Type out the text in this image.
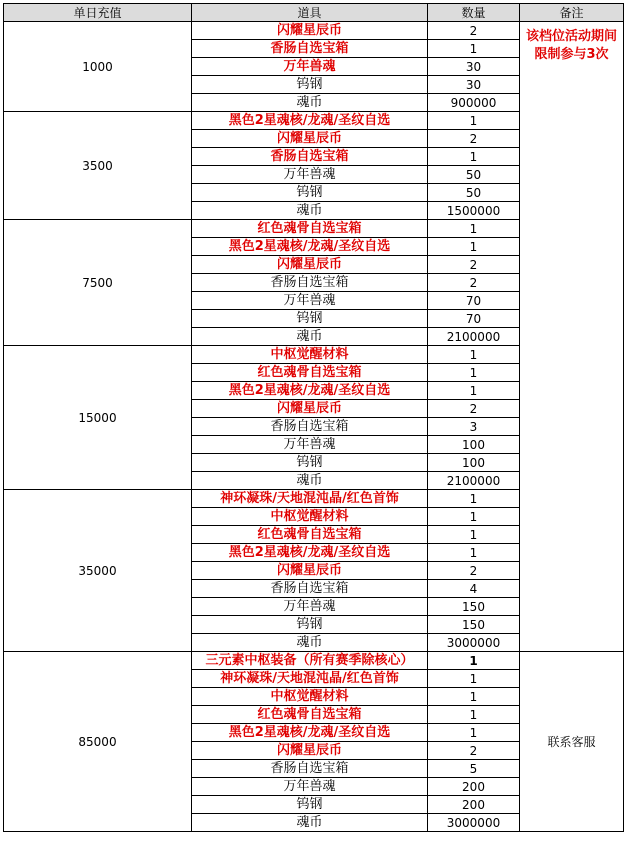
单日充值	道具	数量	备注
1000	闪耀星辰币	2	该档位活动期间限制参与3次
	香肠自选宝箱	1	
	万年兽魂	30	
	钨钢	30	
	魂币	900000	
3500	黑色2星魂核/龙魂/圣纹自选	1	
	闪耀星辰币	2	
	香肠自选宝箱	1	
	万年兽魂	50	
	钨钢	50	
	魂币	1500000	
7500	红色魂骨自选宝箱	1	
	黑色2星魂核/龙魂/圣纹自选	1	
	闪耀星辰币	2	
	香肠自选宝箱	2	
	万年兽魂	70	
	钨钢	70	
	魂币	2100000	
15000	中枢觉醒材料	1	
	红色魂骨自选宝箱	1	
	黑色2星魂核/龙魂/圣纹自选	1	
	闪耀星辰币	2	
	香肠自选宝箱	3	
	万年兽魂	100	
	钨钢	100	
	魂币	2100000	
35000	神环凝珠/天地混沌晶/红色首饰	1	
	中枢觉醒材料	1	
	红色魂骨自选宝箱	1	
	黑色2星魂核/龙魂/圣纹自选	1	
	闪耀星辰币	2	
	香肠自选宝箱	4	
	万年兽魂	150	
	钨钢	150	
	魂币	3000000	
85000	三元素中枢装备（所有赛季除核心）	1	联系客服
	神环凝珠/天地混沌晶/红色首饰	1	
	中枢觉醒材料	1	
	红色魂骨自选宝箱	1	
	黑色2星魂核/龙魂/圣纹自选	1	
	闪耀星辰币	2	
	香肠自选宝箱	5	
	万年兽魂	200	
	钨钢	200	
	魂币	3000000	
